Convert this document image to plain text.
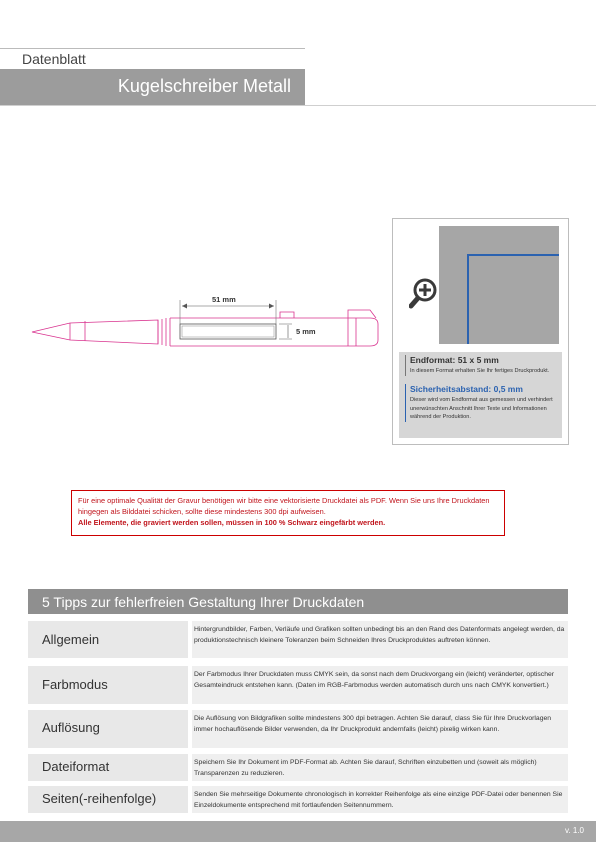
Datenblatt
Kugelschreiber Metall
51 mm
5 mm
Endformat: 51 x 5 mm
In diesem Format erhalten Sie Ihr fertiges Druckprodukt.
Sicherheitsabstand: 0,5 mm
Dieser wird vom Endformat aus gemessen und verhindert unerwünschten Anschnitt Ihrer Texte und Informationen während der Produktion.
Für eine optimale Qualität der Gravur benötigen wir bitte eine vektorisierte Druckdatei als PDF. Wenn Sie uns Ihre Druckdaten hingegen als Bilddatei schicken, sollte diese mindestens 300 dpi aufweisen.
Alle Elemente, die graviert werden sollen, müssen in 100 % Schwarz eingefärbt werden.
5 Tipps zur fehlerfreien Gestaltung Ihrer Druckdaten
Allgemein
Hintergrundbilder, Farben, Verläufe und Grafiken sollten unbedingt bis an den Rand des Datenformats angelegt werden, da produktionstechnisch kleinere Toleranzen beim Schneiden Ihres Druckproduktes auftreten können.
Farbmodus
Der Farbmodus Ihrer Druckdaten muss CMYK sein, da sonst nach dem Druckvorgang ein (leicht) veränderter, optischer Gesamteindruck entstehen kann. (Daten im RGB-Farbmodus werden automatisch durch uns nach CMYK konvertiert.)
Auflösung
Die Auflösung von Bildgrafiken sollte mindestens 300 dpi betragen. Achten Sie darauf, class Sie für Ihre Druckvorlagen immer hochauflösende Bilder verwenden, da Ihr Druckprodukt andernfalls (leicht) pixelig wirken kann.
Dateiformat	Speichern Sie Ihr Dokument im PDF-Format ab. Achten Sie darauf, Schriften einzubetten und (soweit als möglich) Transparenzen zu reduzieren.
Seiten(-reihenfolge)	Senden Sie mehrseitige Dokumente chronologisch in korrekter Reihenfolge als eine einzige PDF-Datei oder benennen Sie Einzeldokumente entsprechend mit fortlaufenden Seitennummern.
v. 1.0
